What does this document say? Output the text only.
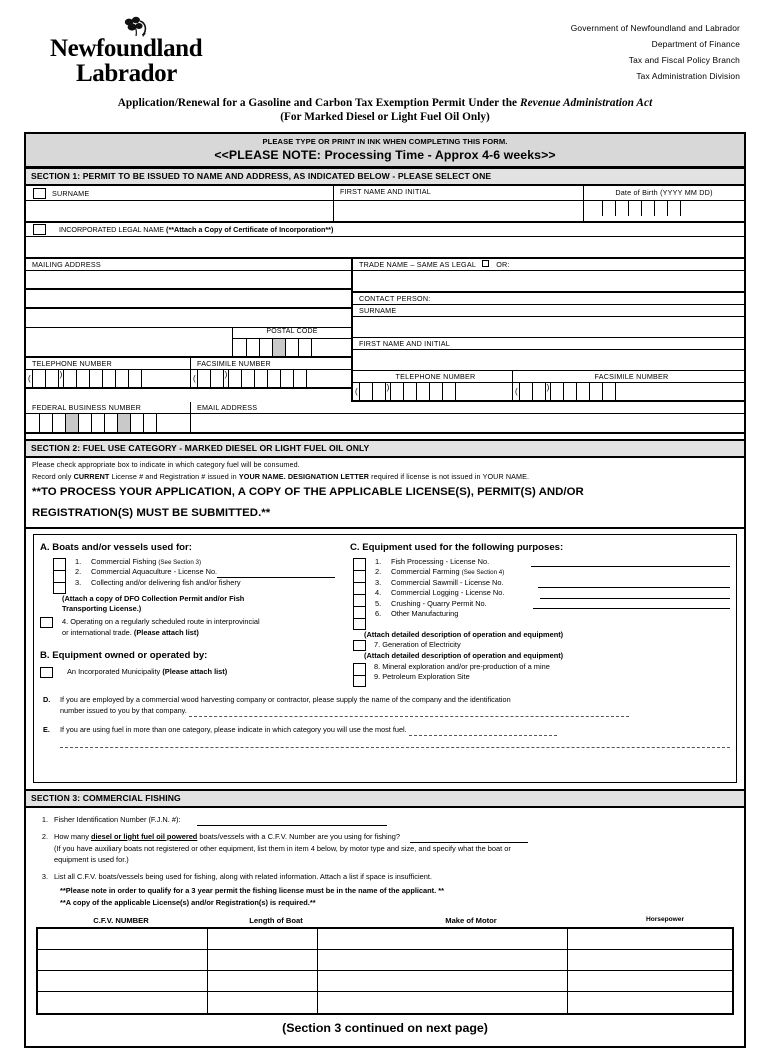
Newfoundland
Labrador
Government of Newfoundland and Labrador
Department of Finance
Tax and Fiscal Policy Branch
Tax Administration Division
Application/Renewal for a Gasoline and Carbon Tax Exemption Permit Under the Revenue Administration Act
(For Marked Diesel or Light Fuel Oil Only)
PLEASE TYPE OR PRINT IN INK WHEN COMPLETING THIS FORM.
<<PLEASE NOTE: Processing Time - Approx 4-6 weeks>>
SECTION 1: PERMIT TO BE ISSUED TO NAME AND ADDRESS, AS INDICATED BELOW - PLEASE SELECT ONE
SURNAME	FIRST NAME AND INITIAL	Date of Birth (YYYY MM DD)
INCORPORATED LEGAL NAME (**Attach a Copy of Certificate of Incorporation**)
MAILING ADDRESS
POSTAL CODE
TELEPHONE NUMBER	FACSIMILE NUMBER
(	)	(	)
TRADE NAME – SAME AS LEGAL	OR:
CONTACT PERSON:
SURNAME
FIRST NAME AND INITIAL
TELEPHONE NUMBER	FACSIMILE NUMBER
(	)	(	)
FEDERAL BUSINESS NUMBER	EMAIL ADDRESS
SECTION 2: FUEL USE CATEGORY - MARKED DIESEL OR LIGHT FUEL OIL ONLY
Please check appropriate box to indicate in which category fuel will be consumed.
Record only CURRENT License # and Registration # issued in YOUR NAME. DESIGNATION LETTER required if license is not issued in YOUR NAME.
**TO PROCESS YOUR APPLICATION, A COPY OF THE APPLICABLE LICENSE(S), PERMIT(S) AND/OR
REGISTRATION(S) MUST BE SUBMITTED.**
A. Boats and/or vessels used for:
1.	Commercial Fishing (See Section 3)
2.	Commercial Aquaculture - License No.
3.	Collecting and/or delivering fish and/or fishery
(Attach a copy of DFO Collection Permit and/or Fish
Transporting License.)
4. Operating on a regularly scheduled route in interprovincial
or international trade. (Please attach list)
B. Equipment owned or operated by:
An Incorporated Municipality (Please attach list)
C. Equipment used for the following purposes:
1.	Fish Processing - License No.
2.	Commercial Farming (See Section 4)
3.	Commercial Sawmill - License No.
4.	Commercial Logging - License No.
5.	Crushing - Quarry Permit No.
6.	Other Manufacturing
(Attach detailed description of operation and equipment)
7. Generation of Electricity
(Attach detailed description of operation and equipment)
8. Mineral exploration and/or pre-production of a mine
9. Petroleum Exploration Site
D.	If you are employed by a commercial wood harvesting company or contractor, please supply the name of the company and the identification
number issued to you by that company.
E.	If you are using fuel in more than one category, please indicate in which category you will use the most fuel.
SECTION 3: COMMERCIAL FISHING
1. Fisher Identification Number (F.J.N. #):
2. How many diesel or light fuel oil powered boats/vessels with a C.F.V. Number are you using for fishing?
(If you have auxiliary boats not registered or other equipment, list them in item 4 below, by motor type and size, and specify what the boat or
equipment is used for.)
3. List all C.F.V. boats/vessels being used for fishing, along with related information. Attach a list if space is insufficient.
**Please note in order to qualify for a 3 year permit the fishing license must be in the name of the applicant. **
**A copy of the applicable License(s) and/or Registration(s) is required.**
C.F.V. NUMBER	Length of Boat	Make of Motor	Horsepower
(Section 3 continued on next page)
